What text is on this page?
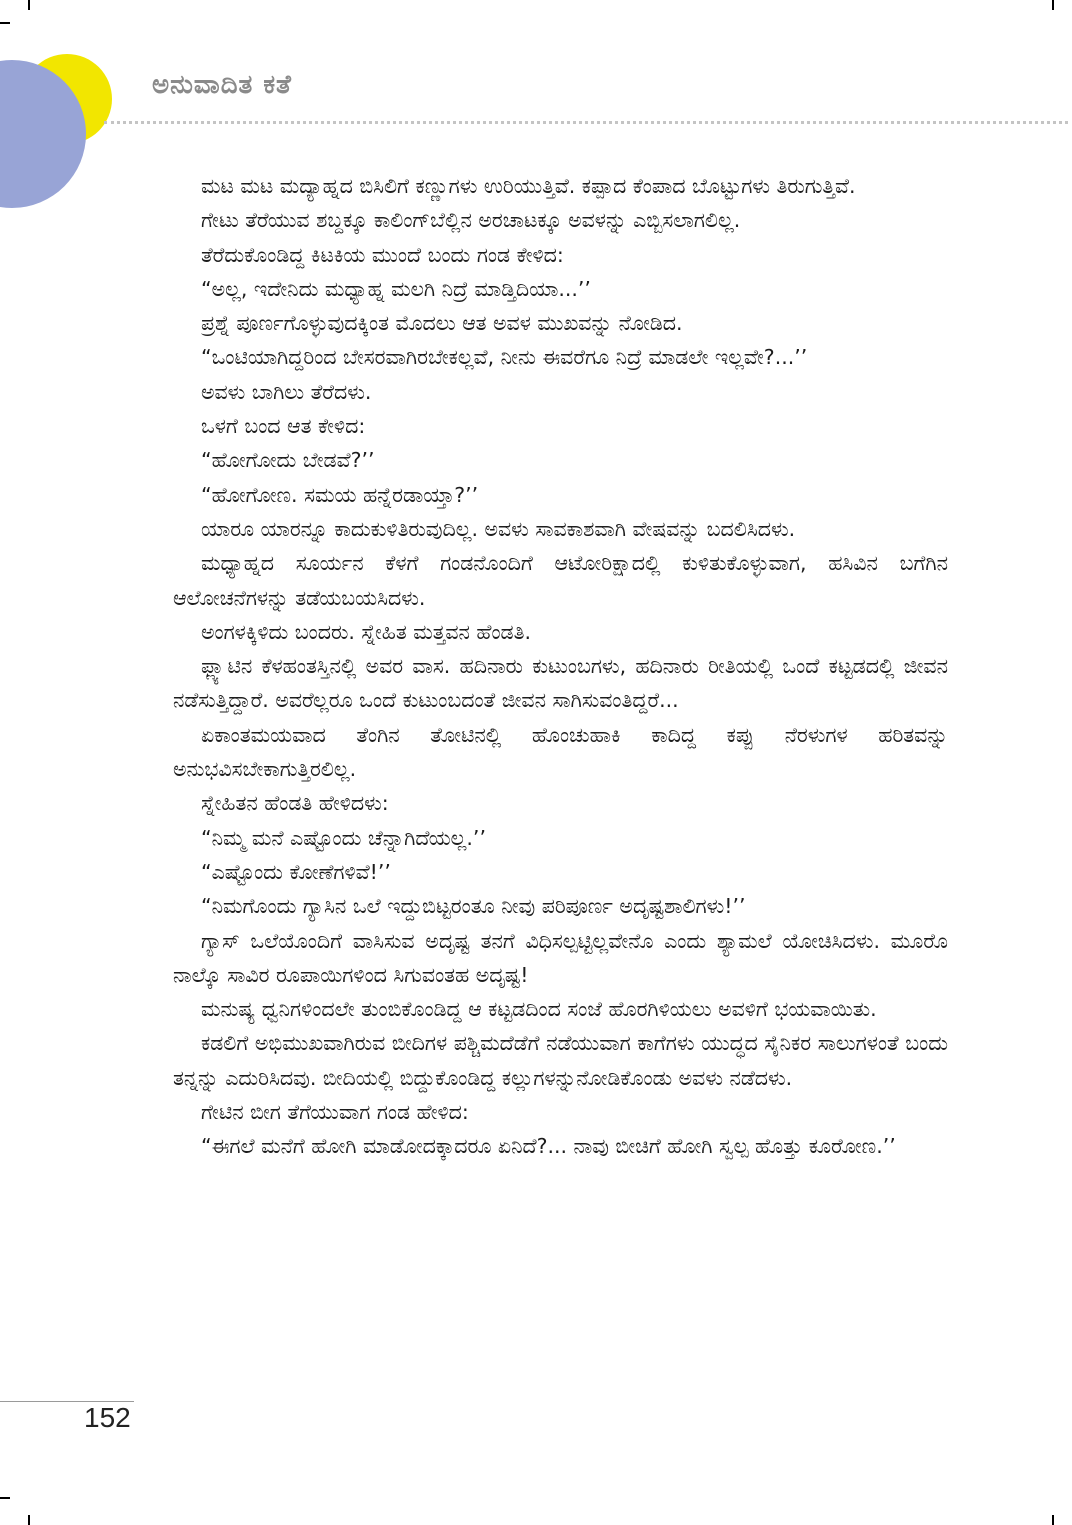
ಅನುವಾದಿತ ಕತೆ

ಮಟ ಮಟ ಮದ್ಯಾಹ್ನದ ಬಿಸಿಲಿಗೆ ಕಣ್ಣುಗಳು ಉರಿಯುತ್ತಿವೆ. ಕಪ್ಪಾದ ಕೆಂಪಾದ ಬೊಟ್ಟುಗಳು ತಿರುಗುತ್ತಿವೆ.

ಗೇಟು ತೆರೆಯುವ ಶಬ್ದಕ್ಕೂ ಕಾಲಿಂಗ್‌ಬೆಲ್ಲಿನ ಅರಚಾಟಕ್ಕೂ ಅವಳನ್ನು ಎಬ್ಬಿಸಲಾಗಲಿಲ್ಲ.

ತೆರೆದುಕೊಂಡಿದ್ದ ಕಿಟಕಿಯ ಮುಂದೆ ಬಂದು ಗಂಡ ಕೇಳಿದ:

“ಅಲ್ಲ, ಇದೇನಿದು ಮಧ್ಯಾಹ್ನ ಮಲಗಿ ನಿದ್ರೆ ಮಾಡ್ತಿದಿಯಾ...’’

ಪ್ರಶ್ನೆ ಪೂರ್ಣಗೊಳ್ಳುವುದಕ್ಕಿಂತ ಮೊದಲು ಆತ ಅವಳ ಮುಖವನ್ನು ನೋಡಿದ.

“ಒಂಟಿಯಾಗಿದ್ದರಿಂದ ಬೇಸರವಾಗಿರಬೇಕಲ್ಲವೆ, ನೀನು ಈವರೆಗೂ ನಿದ್ರೆ ಮಾಡಲೇ ಇಲ್ಲವೇ?...’’

ಅವಳು ಬಾಗಿಲು ತೆರೆದಳು.

ಒಳಗೆ ಬಂದ ಆತ ಕೇಳಿದ:

“ಹೋಗೋದು ಬೇಡವೆ?’’

“ಹೋಗೋಣ. ಸಮಯ ಹನ್ನೆರಡಾಯ್ತಾ?’’

ಯಾರೂ ಯಾರನ್ನೂ ಕಾದುಕುಳಿತಿರುವುದಿಲ್ಲ. ಅವಳು ಸಾವಕಾಶವಾಗಿ ವೇಷವನ್ನು ಬದಲಿಸಿದಳು.

ಮಧ್ಯಾಹ್ನದ ಸೂರ್ಯನ ಕೆಳಗೆ ಗಂಡನೊಂದಿಗೆ ಆಟೋರಿಕ್ಷಾದಲ್ಲಿ ಕುಳಿತುಕೊಳ್ಳುವಾಗ, ಹಸಿವಿನ ಬಗೆಗಿನ ಆಲೋಚನೆಗಳನ್ನು ತಡೆಯಬಯಸಿದಳು.

ಅಂಗಳಕ್ಕಿಳಿದು ಬಂದರು. ಸ್ನೇಹಿತ ಮತ್ತವನ ಹೆಂಡತಿ.

ಫ್ಲ್ಯಾಟಿನ ಕೆಳಹಂತಸ್ತಿನಲ್ಲಿ ಅವರ ವಾಸ. ಹದಿನಾರು ಕುಟುಂಬಗಳು, ಹದಿನಾರು ರೀತಿಯಲ್ಲಿ ಒಂದೆ ಕಟ್ಟಡದಲ್ಲಿ ಜೀವನ ನಡೆಸುತ್ತಿದ್ದಾರೆ. ಅವರೆಲ್ಲರೂ ಒಂದೆ ಕುಟುಂಬದಂತೆ ಜೀವನ ಸಾಗಿಸುವಂತಿದ್ದರೆ...

ಏಕಾಂತಮಯವಾದ ತೆಂಗಿನ ತೋಟಿನಲ್ಲಿ ಹೊಂಚುಹಾಕಿ ಕಾದಿದ್ದ ಕಪ್ಪು ನೆರಳುಗಳ ಹರಿತವನ್ನು ಅನುಭವಿಸಬೇಕಾಗುತ್ತಿರಲಿಲ್ಲ.

ಸ್ನೇಹಿತನ ಹೆಂಡತಿ ಹೇಳಿದಳು:

“ನಿಮ್ಮ ಮನೆ ಎಷ್ಟೊಂದು ಚೆನ್ನಾಗಿದೆಯಲ್ಲ.’’

“ಎಷ್ಟೊಂದು ಕೋಣೆಗಳಿವೆ!’’

“ನಿಮಗೊಂದು ಗ್ಯಾಸಿನ ಒಲೆ ಇದ್ದುಬಿಟ್ಟರಂತೂ ನೀವು ಪರಿಪೂರ್ಣ ಅದೃಷ್ಟಶಾಲಿಗಳು!’’

ಗ್ಯಾಸ್ ಒಲೆಯೊಂದಿಗೆ ವಾಸಿಸುವ ಅದೃಷ್ಟ ತನಗೆ ವಿಧಿಸಲ್ಪಟ್ಟಿಲ್ಲವೇನೊ ಎಂದು ಶ್ಯಾಮಲೆ ಯೋಚಿಸಿದಳು. ಮೂರೊ ನಾಲ್ಕೊ ಸಾವಿರ ರೂಪಾಯಿಗಳಿಂದ ಸಿಗುವಂತಹ ಅದೃಷ್ಟ!

ಮನುಷ್ಯ ಧ್ವನಿಗಳಿಂದಲೇ ತುಂಬಿಕೊಂಡಿದ್ದ ಆ ಕಟ್ಟಡದಿಂದ ಸಂಜೆ ಹೊರಗಿಳಿಯಲು ಅವಳಿಗೆ ಭಯವಾಯಿತು.

ಕಡಲಿಗೆ ಅಭಿಮುಖವಾಗಿರುವ ಬೀದಿಗಳ ಪಶ್ಚಿಮದೆಡೆಗೆ ನಡೆಯುವಾಗ ಕಾಗೆಗಳು ಯುದ್ಧದ ಸೈನಿಕರ ಸಾಲುಗಳಂತೆ ಬಂದು ತನ್ನನ್ನು ಎದುರಿಸಿದವು. ಬೀದಿಯಲ್ಲಿ ಬಿದ್ದುಕೊಂಡಿದ್ದ ಕಲ್ಲುಗಳನ್ನುನೋಡಿಕೊಂಡು ಅವಳು ನಡೆದಳು.

ಗೇಟಿನ ಬೀಗ ತೆಗೆಯುವಾಗ ಗಂಡ ಹೇಳಿದ:

“ಈಗಲೆ ಮನೆಗೆ ಹೋಗಿ ಮಾಡೋದಕ್ಕಾದರೂ ಏನಿದೆ?... ನಾವು ಬೀಚಿಗೆ ಹೋಗಿ ಸ್ವಲ್ಪ ಹೊತ್ತು ಕೂರೋಣ.’’

152
